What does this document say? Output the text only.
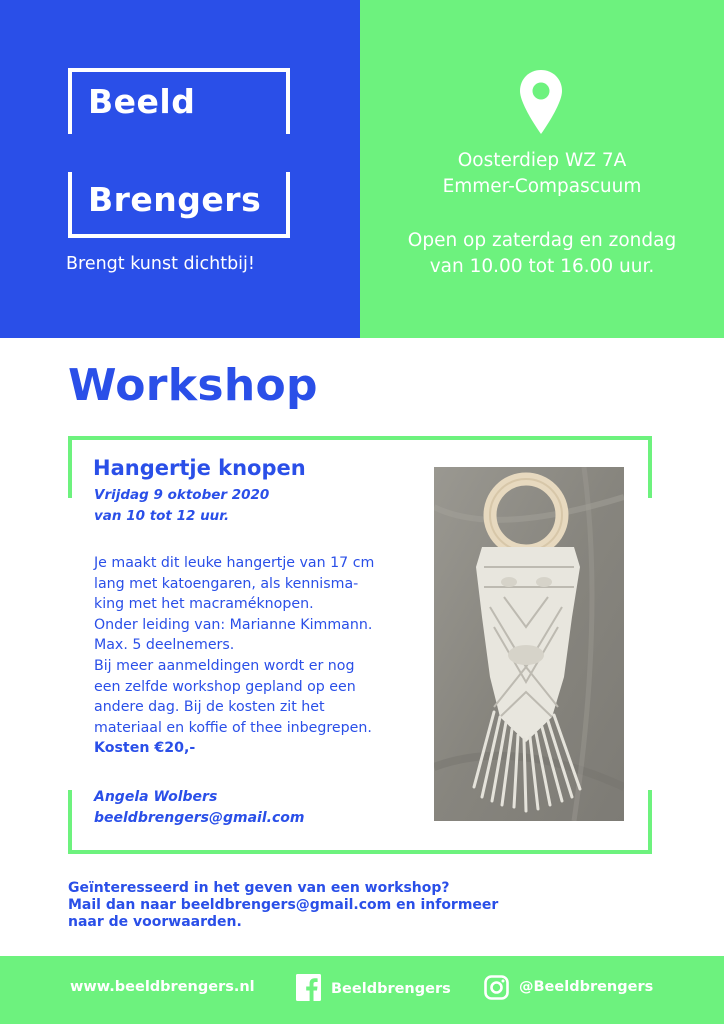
Beeld
Brengers
Brengt kunst dichtbij!
Oosterdiep WZ 7A
Emmer-Compascuum
Open op zaterdag en zondag
van 10.00 tot 16.00 uur.
Workshop
Hangertje knopen
Vrijdag 9 oktober 2020
van 10 tot 12 uur.
Je maakt dit leuke hangertje van 17 cm
lang met katoengaren, als kennisma-
king met het macraméknopen.
Onder leiding van: Marianne Kimmann.
Max. 5 deelnemers.
Bij meer aanmeldingen wordt er nog
een zelfde workshop gepland op een
andere dag. Bij de kosten zit het
materiaal en koffie of thee inbegrepen.
Kosten €20,-
Angela Wolbers
beeldbrengers@gmail.com
Geïnteresseerd in het geven van een workshop?
Mail dan naar beeldbrengers@gmail.com en informeer
naar de voorwaarden.
www.beeldbrengers.nl	Beeldbrengers	@Beeldbrengers
